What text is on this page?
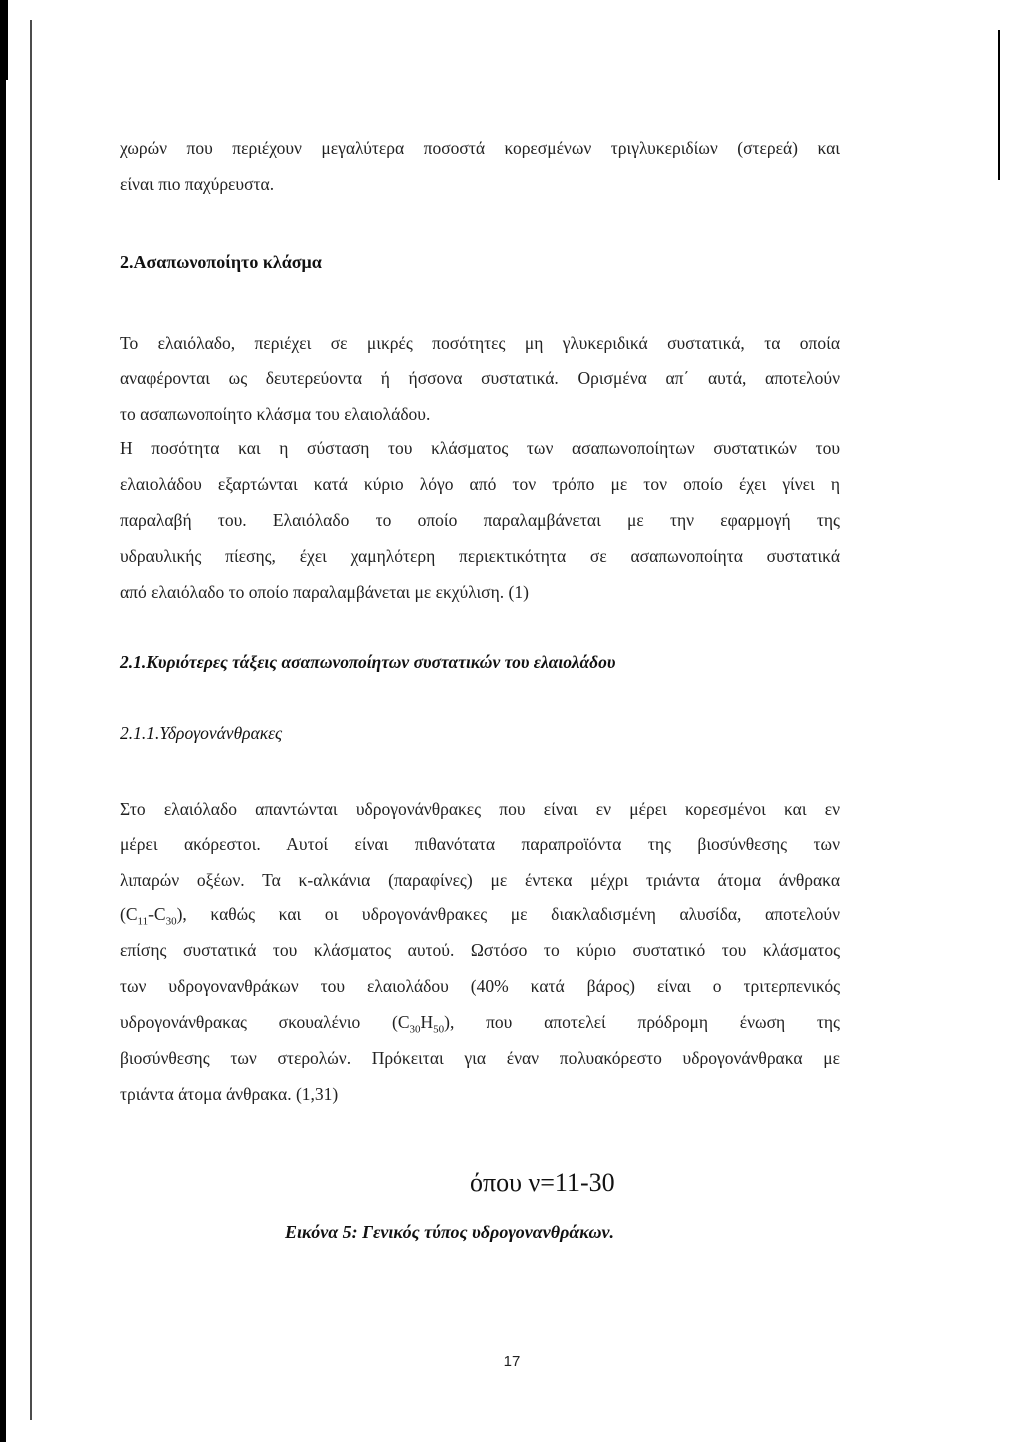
χωρών που περιέχουν μεγαλύτερα ποσοστά κορεσμένων τριγλυκεριδίων (στερεά) και
είναι πιο παχύρευστα.
2.Ασαπωνοποίητο κλάσμα
Το ελαιόλαδο, περιέχει σε μικρές ποσότητες μη γλυκεριδικά συστατικά, τα οποία
αναφέρονται ως δευτερεύοντα ή ήσσονα συστατικά. Ορισμένα απ΄ αυτά, αποτελούν
το ασαπωνοποίητο κλάσμα του ελαιολάδου.
Η ποσότητα και η σύσταση του κλάσματος των ασαπωνοποίητων συστατικών του
ελαιολάδου εξαρτώνται κατά κύριο λόγο από τον τρόπο με τον οποίο έχει γίνει η
παραλαβή του. Ελαιόλαδο το οποίο παραλαμβάνεται με την εφαρμογή της
υδραυλικής πίεσης, έχει χαμηλότερη περιεκτικότητα σε ασαπωνοποίητα συστατικά
από ελαιόλαδο το οποίο παραλαμβάνεται με εκχύλιση. (1)
2.1.Κυριότερες τάξεις ασαπωνοποίητων συστατικών του ελαιολάδου
2.1.1.Υδρογονάνθρακες
Στο ελαιόλαδο απαντώνται υδρογονάνθρακες που είναι εν μέρει κορεσμένοι και εν
μέρει ακόρεστοι. Αυτοί είναι πιθανότατα παραπροϊόντα της βιοσύνθεσης των
λιπαρών οξέων. Τα κ-αλκάνια (παραφίνες) με έντεκα μέχρι τριάντα άτομα άνθρακα
όπου ν=11-30
Εικόνα 5: Γενικός τύπος υδρογονανθράκων.
17
$(C_{11}-C_{30})$, καθώς και οι υδρογονάνθρακες με διακλαδισμένη αλυσίδα, αποτελούν
επίσης συστατικά του κλάσματος αυτού. Ωστόσο το κύριο συστατικό του κλάσματος
των υδρογονανθράκων του ελαιολάδου (40% κατά βάρος) είναι ο τριτερπενικός
υδρογονάνθρακας σκουαλένιο $(C_{30}H_{50})$, που αποτελεί πρόδρομη ένωση της
βιοσύνθεσης των στερολών. Πρόκειται για έναν πολυακόρεστο υδρογονάνθρακα με
τριάντα άτομα άνθρακα. (1,31)
